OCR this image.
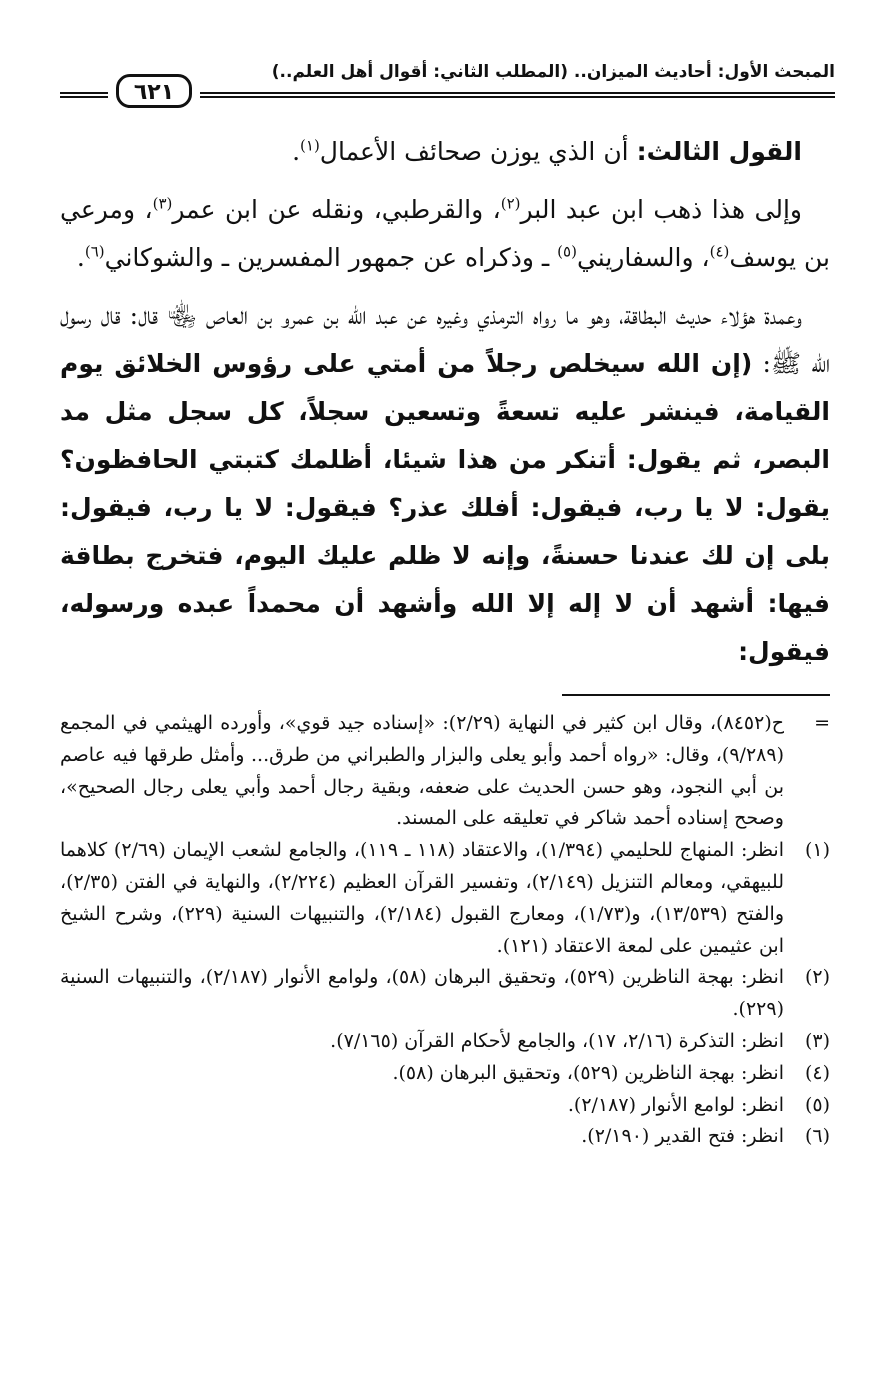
المبحث الأول: أحاديث الميزان.. (المطلب الثاني: أقوال أهل العلم..)
٦٢١

القول الثالث: أن الذي يوزن صحائف الأعمال$^{(١)}$.

وإلى هذا ذهب ابن عبد البر$^{(٢)}$، والقرطبي، ونقله عن ابن عمر$^{(٣)}$، ومرعي بن يوسف$^{(٤)}$، والسفاريني$^{(٥)}$ ـ وذكراه عن جمهور المفسرين ـ والشوكاني$^{(٦)}$.

وعمدة هؤلاء حديث البطاقة، وهو ما رواه الترمذي وغيره عن عبد الله بن عمرو بن العاص ﵄ قال: قال رسول الله ﷺ: (إن الله سيخلص رجلاً من أمتي على رؤوس الخلائق يوم القيامة، فينشر عليه تسعةً وتسعين سجلاً، كل سجل مثل مد البصر، ثم يقول: أتنكر من هذا شيئا، أظلمك كتبتي الحافظون؟ يقول: لا يا رب، فيقول: أفلك عذر؟ فيقول: لا يا رب، فيقول: بلى إن لك عندنا حسنةً، وإنه لا ظلم عليك اليوم، فتخرج بطاقة فيها: أشهد أن لا إله إلا الله وأشهد أن محمداً عبده ورسوله، فيقول:

=
ح(٨٤٥٢)، وقال ابن كثير في النهاية (٢/٢٩): «إسناده جيد قوي»، وأورده الهيثمي في المجمع (٩/٢٨٩)، وقال: «رواه أحمد وأبو يعلى والبزار والطبراني من طرق... وأمثل طرقها فيه عاصم بن أبي النجود، وهو حسن الحديث على ضعفه، وبقية رجال أحمد وأبي يعلى رجال الصحيح»، وصحح إسناده أحمد شاكر في تعليقه على المسند.
(١)
انظر: المنهاج للحليمي (١/٣٩٤)، والاعتقاد (١١٨ ـ ١١٩)، والجامع لشعب الإيمان (٢/٦٩) كلاهما للبيهقي، ومعالم التنزيل (٢/١٤٩)، وتفسير القرآن العظيم (٢/٢٢٤)، والنهاية في الفتن (٢/٣٥)، والفتح (١٣/٥٣٩)، و(١/٧٣)، ومعارج القبول (٢/١٨٤)، والتنبيهات السنية (٢٢٩)، وشرح الشيخ ابن عثيمين على لمعة الاعتقاد (١٢١).
(٢)
انظر: بهجة الناظرين (٥٢٩)، وتحقيق البرهان (٥٨)، ولوامع الأنوار (٢/١٨٧)، والتنبيهات السنية (٢٢٩).
(٣)
انظر: التذكرة (٢/١٦، ١٧)، والجامع لأحكام القرآن (٧/١٦٥).
(٤)
انظر: بهجة الناظرين (٥٢٩)، وتحقيق البرهان (٥٨).
(٥)
انظر: لوامع الأنوار (٢/١٨٧).
(٦)
انظر: فتح القدير (٢/١٩٠).
